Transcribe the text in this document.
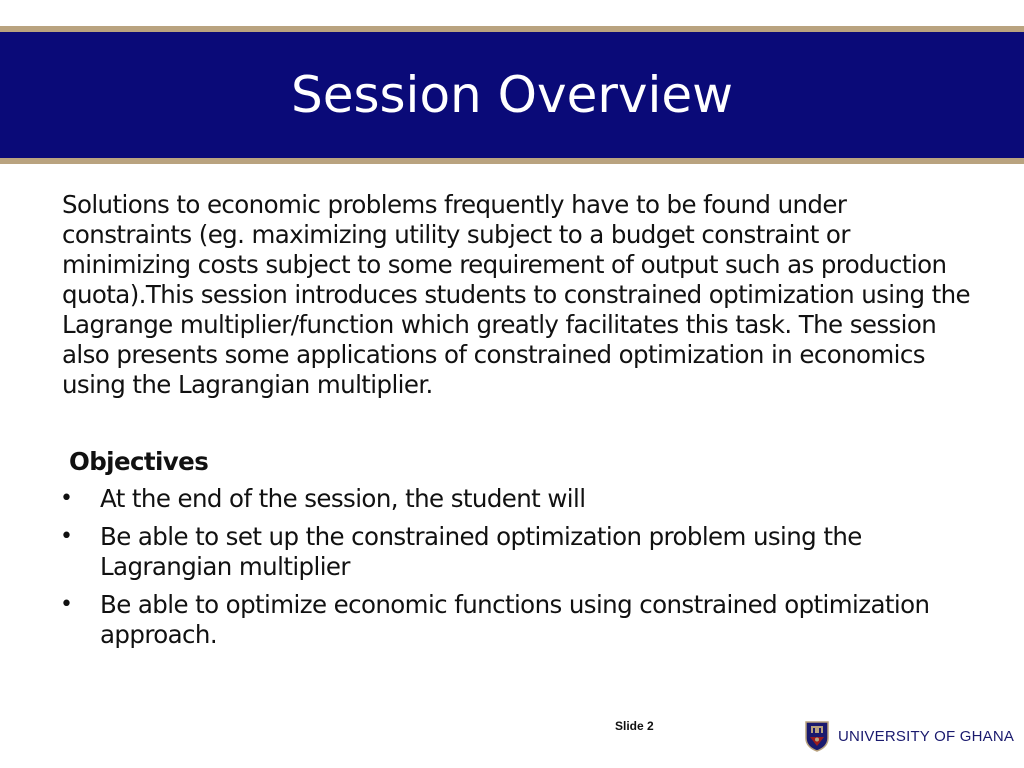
Session Overview

Solutions to economic problems frequently have to be found under constraints (eg. maximizing utility subject to a budget constraint or minimizing costs subject to some requirement of output such as production quota).This session introduces students to constrained optimization using the Lagrange multiplier/function which greatly facilitates this task. The session also presents some applications of constrained optimization in economics using the Lagrangian multiplier.

Objectives

• At the end of the session, the student will
• Be able to set up the constrained optimization problem using the Lagrangian multiplier
• Be able to optimize economic functions using constrained optimization approach.
Slide 2
UNIVERSITY OF GHANA
